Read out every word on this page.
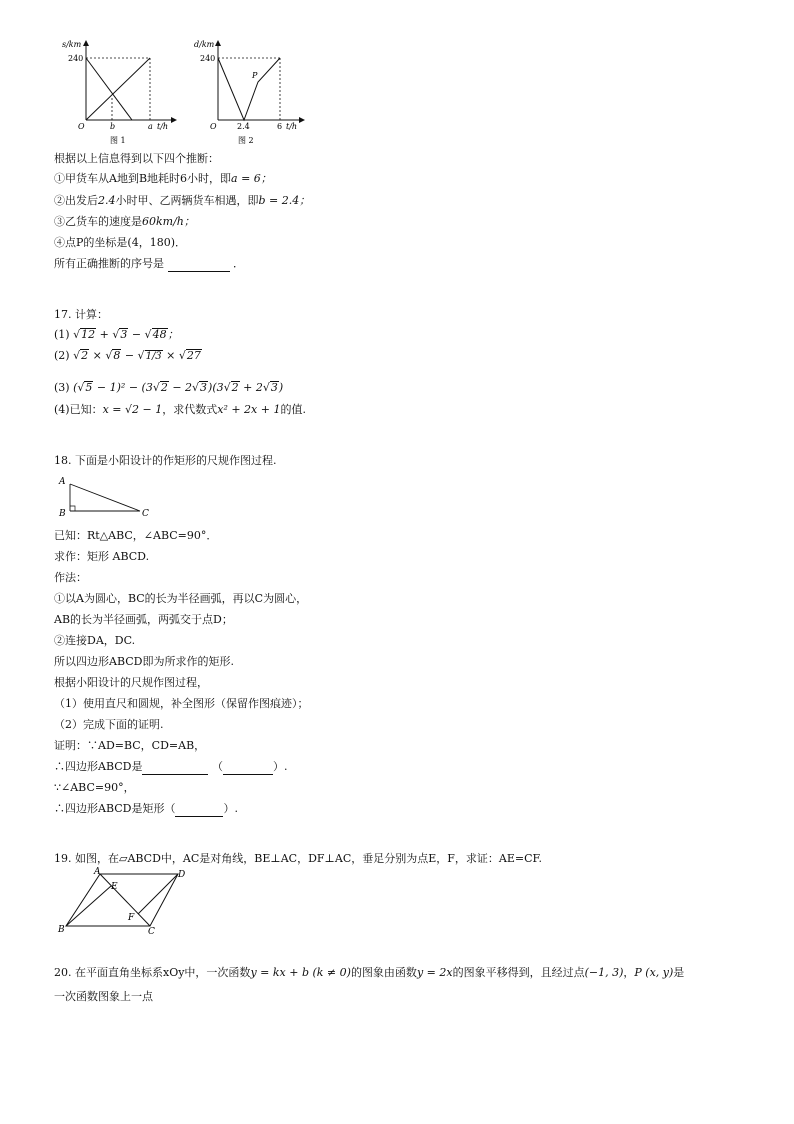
s/km
240
O	b	a t/h
图 1
d/km
240
O	2.4	6 t/h
P
图 2
根据以上信息得到以下四个推断：
①甲货车从A地到B地耗时6小时，即a = 6；
②出发后2.4小时甲、乙两辆货车相遇，即b = 2.4；
③乙货车的速度是60km/h；
④点P的坐标是(4，180)．
所有正确推断的序号是	．
17. 计算：
(1) √12 + √3 − √48；
(2) √2 × √8 − √1/3 × √27
(3) (√5 − 1)² − (3√2 − 2√3)(3√2 + 2√3)
(4)已知：x = √2 − 1，求代数式x² + 2x + 1的值.
18. 下面是小阳设计的作矩形的尺规作图过程.
A
B	C
已知：Rt△ABC，∠ABC=90°．
求作：矩形 ABCD.
作法：
①以A为圆心，BC的长为半径画弧，再以C为圆心，
AB的长为半径画弧，两弧交于点D；
②连接DA，DC.
所以四边形ABCD即为所求作的矩形.
根据小阳设计的尺规作图过程，
（1）使用直尺和圆规，补全图形（保留作图痕迹）；
（2）完成下面的证明.
证明：∵AD=BC，CD=AB，
∴四边形ABCD是	（	）.
∵∠ABC=90°，
∴四边形ABCD是矩形（	）.
19. 如图，在▱ABCD中，AC是对角线，BE⊥AC，DF⊥AC，垂足分别为点E，F，求证：AE=CF.
A	D
B	C
E
F
20. 在平面直角坐标系xOy中，一次函数y = kx + b (k ≠ 0)的图象由函数y = 2x的图象平移得到，且经过点(−1, 3)，P (x, y)是
一次函数图象上一点
